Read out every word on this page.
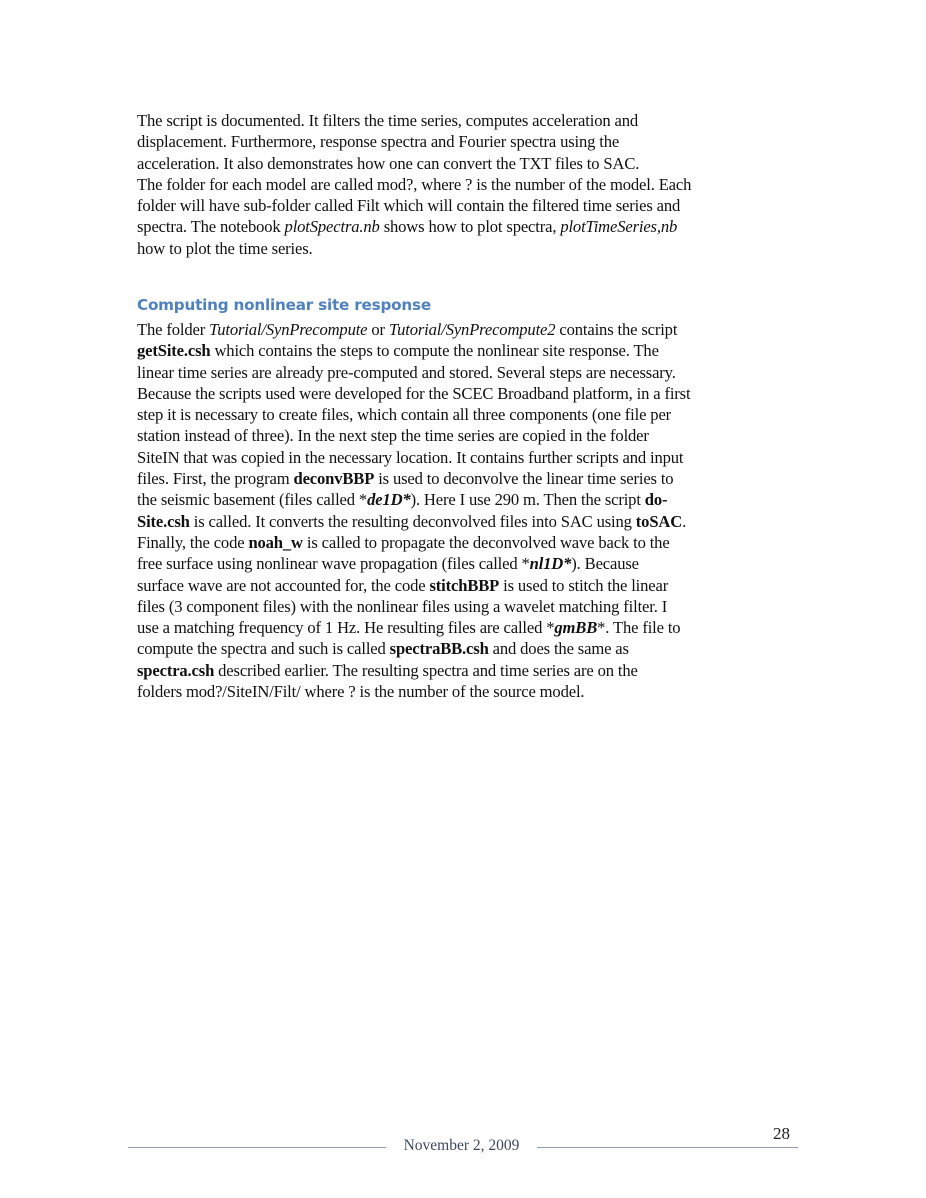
The script is documented. It filters the time series, computes acceleration and
displacement. Furthermore, response spectra and Fourier spectra using the
acceleration. It also demonstrates how one can convert the TXT files to SAC.
The folder for each model are called mod?, where ? is the number of the model. Each
folder will have sub-folder called Filt which will contain the filtered time series and
spectra. The notebook plotSpectra.nb shows how to plot spectra, plotTimeSeries,nb
how to plot the time series.

Computing nonlinear site response

The folder Tutorial/SynPrecompute or Tutorial/SynPrecompute2 contains the script
getSite.csh which contains the steps to compute the nonlinear site response. The
linear time series are already pre-computed and stored. Several steps are necessary.
Because the scripts used were developed for the SCEC Broadband platform, in a first
step it is necessary to create files, which contain all three components (one file per
station instead of three). In the next step the time series are copied in the folder
SiteIN that was copied in the necessary location. It contains further scripts and input
files. First, the program deconvBBP is used to deconvolve the linear time series to
the seismic basement (files called *de1D*). Here I use 290 m. Then the script do-
Site.csh is called. It converts the resulting deconvolved files into SAC using toSAC.
Finally, the code noah_w is called to propagate the deconvolved wave back to the
free surface using nonlinear wave propagation (files called *nl1D*). Because
surface wave are not accounted for, the code stitchBBP is used to stitch the linear
files (3 component files) with the nonlinear files using a wavelet matching filter. I
use a matching frequency of 1 Hz. He resulting files are called *gmBB*. The file to
compute the spectra and such is called spectraBB.csh and does the same as
spectra.csh described earlier. The resulting spectra and time series are on the
folders mod?/SiteIN/Filt/ where ? is the number of the source model.

28
November 2, 2009
